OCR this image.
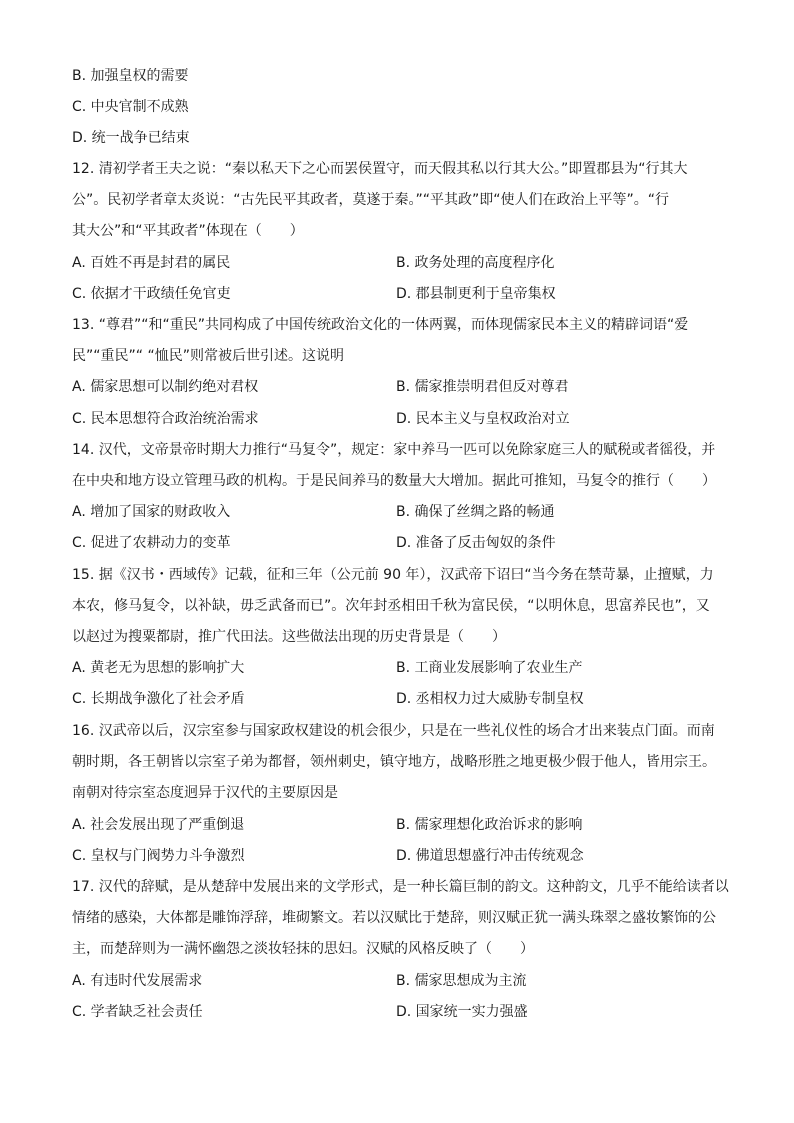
B. 加强皇权的需要
C. 中央官制不成熟
D. 统一战争已结束
12. 清初学者王夫之说：“秦以私天下之心而罢侯置守，而天假其私以行其大公。”即置郡县为“行其大
公”。民初学者章太炎说：“古先民平其政者，莫遂于秦。”“平其政”即“使人们在政治上平等”。“行
其大公”和“平其政者”体现在（　　）
A. 百姓不再是封君的属民	B. 政务处理的高度程序化
C. 依据才干政绩任免官吏	D. 郡县制更利于皇帝集权
13. “尊君”“和“重民”共同构成了中国传统政治文化的一体两翼，而体现儒家民本主义的精辟词语“爱
民”“重民”“ “恤民”则常被后世引述。这说明
A. 儒家思想可以制约绝对君权	B. 儒家推崇明君但反对尊君
C. 民本思想符合政治统治需求	D. 民本主义与皇权政治对立
14. 汉代，文帝景帝时期大力推行“马复令”，规定：家中养马一匹可以免除家庭三人的赋税或者徭役，并
在中央和地方设立管理马政的机构。于是民间养马的数量大大增加。据此可推知，马复令的推行（　　）
A. 增加了国家的财政收入	B. 确保了丝绸之路的畅通
C. 促进了农耕动力的变革	D. 准备了反击匈奴的条件
15. 据《汉书・西域传》记载，征和三年（公元前 90 年），汉武帝下诏曰“当今务在禁苛暴，止擅赋，力
本农，修马复令，以补缺，毋乏武备而已”。次年封丞相田千秋为富民侯，“以明休息，思富养民也”，又
以赵过为搜粟都尉，推广代田法。这些做法出现的历史背景是（　　）
A. 黄老无为思想的影响扩大	B. 工商业发展影响了农业生产
C. 长期战争激化了社会矛盾	D. 丞相权力过大威胁专制皇权
16. 汉武帝以后，汉宗室参与国家政权建设的机会很少，只是在一些礼仪性的场合才出来装点门面。而南
朝时期，各王朝皆以宗室子弟为都督，领州刺史，镇守地方，战略形胜之地更极少假于他人，皆用宗王。
南朝对待宗室态度迥异于汉代的主要原因是
A. 社会发展出现了严重倒退	B. 儒家理想化政治诉求的影响
C. 皇权与门阀势力斗争激烈	D. 佛道思想盛行冲击传统观念
17. 汉代的辞赋，是从楚辞中发展出来的文学形式，是一种长篇巨制的韵文。这种韵文，几乎不能给读者以
情绪的感染，大体都是雕饰浮辞，堆砌繁文。若以汉赋比于楚辞，则汉赋正犹一满头珠翠之盛妆繁饰的公
主，而楚辞则为一满怀幽怨之淡妆轻抹的思妇。汉赋的风格反映了（　　）
A. 有违时代发展需求	B. 儒家思想成为主流
C. 学者缺乏社会责任	D. 国家统一实力强盛
